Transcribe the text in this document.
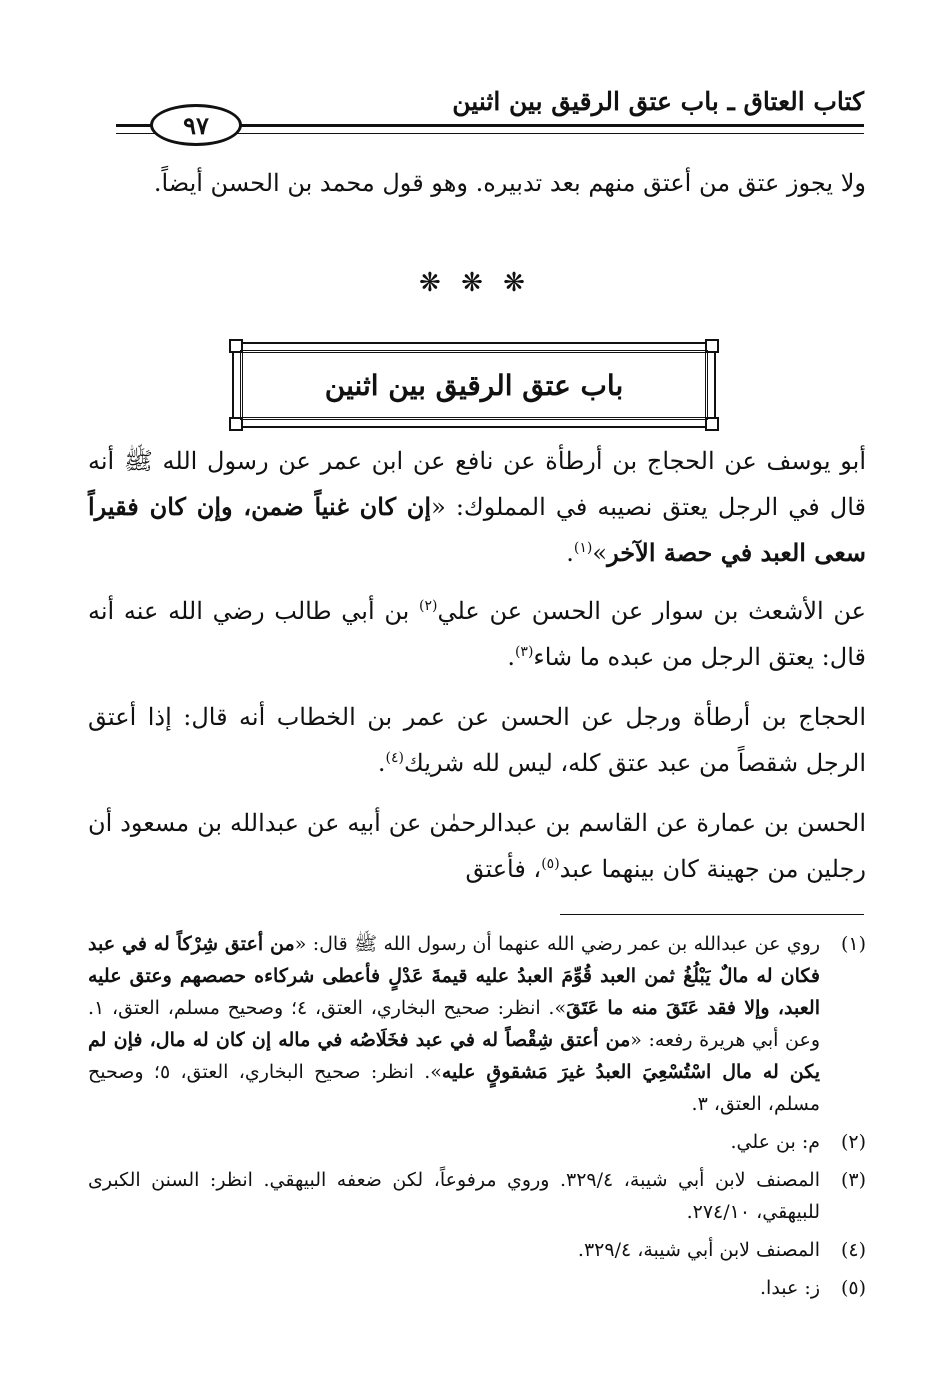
كتاب العتاق ـ باب عتق الرقيق بين اثنين
٩٧
ولا يجوز عتق من أعتق منهم بعد تدبيره. وهو قول محمد بن الحسن أيضاً.
❋ ❋ ❋
باب عتق الرقيق بين اثنين
أبو يوسف عن الحجاج بن أرطأة عن نافع عن ابن عمر عن رسول الله ﷺ أنه قال في الرجل يعتق نصيبه في المملوك: «إن كان غنياً ضمن، وإن كان فقيراً سعى العبد في حصة الآخر»$^{(١)}$.
عن الأشعث بن سوار عن الحسن عن علي$^{(٢)}$ بن أبي طالب رضي الله عنه أنه قال: يعتق الرجل من عبده ما شاء$^{(٣)}$.
الحجاج بن أرطأة ورجل عن الحسن عن عمر بن الخطاب أنه قال: إذا أعتق الرجل شقصاً من عبد عتق كله، ليس لله شريك$^{(٤)}$.
الحسن بن عمارة عن القاسم بن عبدالرحمٰن عن أبيه عن عبدالله بن مسعود أن رجلين من جهينة كان بينهما عبد$^{(٥)}$، فأعتق
(١)
روي عن عبدالله بن عمر رضي الله عنهما أن رسول الله ﷺ قال: «من أعتق شِرْكاً له في عبد فكان له مالٌ يَبْلُغُ ثمن العبد قُوِّمَ العبدُ عليه قيمةَ عَدْلٍ فأعطى شركاءه حصصهم وعتق عليه العبد، وإلا فقد عَتَقَ منه ما عَتَقَ». انظر: صحيح البخاري، العتق، ٤؛ وصحيح مسلم، العتق، ١. وعن أبي هريرة رفعه: «من أعتق شِقْصاً له في عبد فخَلَاصُه في ماله إن كان له مال، فإن لم يكن له مال اسْتُسْعِيَ العبدُ غيرَ مَشقوقٍ عليه». انظر: صحيح البخاري، العتق، ٥؛ وصحيح مسلم، العتق، ٣.
(٢)
م: بن علي.
(٣)
المصنف لابن أبي شيبة، ٣٢٩/٤. وروي مرفوعاً، لكن ضعفه البيهقي. انظر: السنن الكبرى للبيهقي، ٢٧٤/١٠.
(٤)
المصنف لابن أبي شيبة، ٣٢٩/٤.
(٥)
ز: عبدا.
